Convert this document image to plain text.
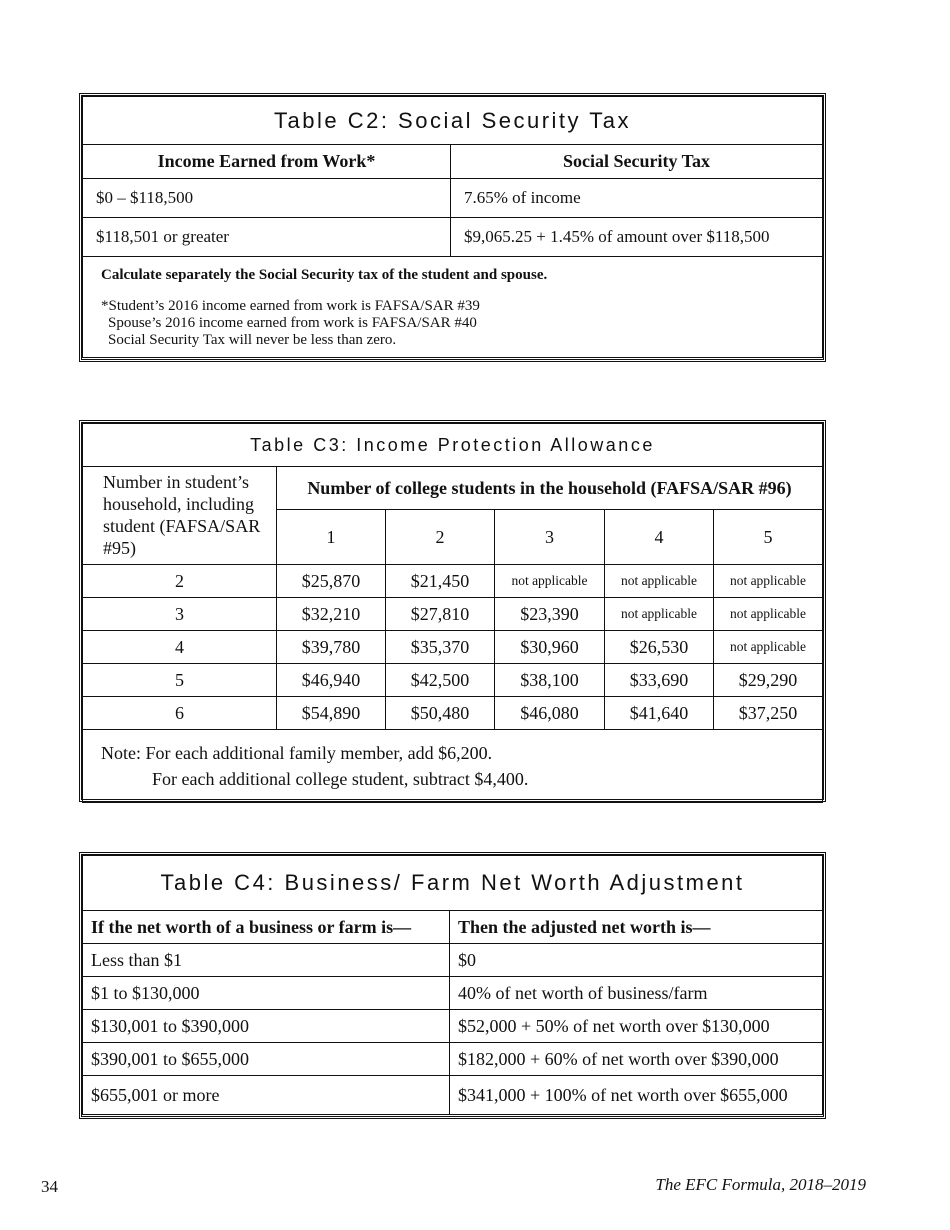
Table C2: Social Security Tax	
Income Earned from Work*	Social Security Tax
$0 – $118,500	7.65% of income
$118,501 or greater	$9,065.25 + 1.45% of amount over $118,500

Calculate separately the Social Security tax of the student and spouse.
*Student’s 2016 income earned from work is FAFSA/SAR #39
Spouse’s 2016 income earned from work is FAFSA/SAR #40
Social Security Tax will never be less than zero.	
Table C3: Income Protection Allowance					
Number in student’s household, including student (FAFSA/SAR #95)	Number of college students in the household (FAFSA/SAR #96)				
	1	2	3	4	5
2	$25,870	$21,450	not applicable	not applicable	not applicable
3	$32,210	$27,810	$23,390	not applicable	not applicable
4	$39,780	$35,370	$30,960	$26,530	not applicable
5	$46,940	$42,500	$38,100	$33,690	$29,290
6	$54,890	$50,480	$46,080	$41,640	$37,250

Note: For each additional family member, add $6,200.
For each additional college student, subtract $4,400.					
Table C4: Business/ Farm Net Worth Adjustment	
If the net worth of a business or farm is—	Then the adjusted net worth is—
Less than $1	$0
$1 to $130,000	40% of net worth of business/farm
$130,001 to $390,000	$52,000 + 50% of net worth over $130,000
$390,001 to $655,000	$182,000 + 60% of net worth over $390,000
$655,001 or more	$341,000 + 100% of net worth over $655,000
34	The EFC Formula, 2018–2019
